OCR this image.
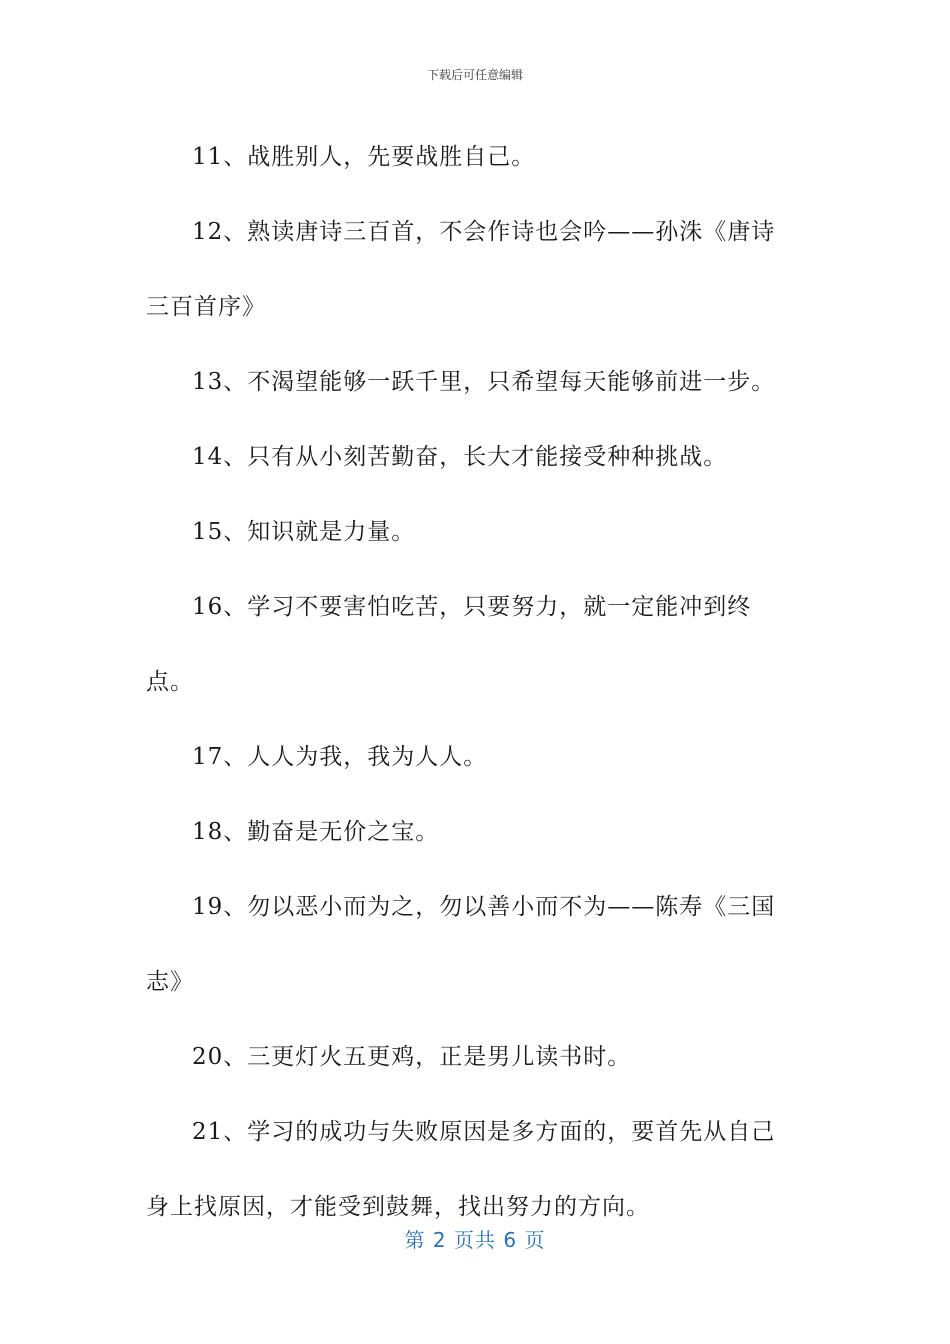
下载后可任意编辑

11、战胜别人，先要战胜自己。

12、熟读唐诗三百首，不会作诗也会吟——孙洙《唐诗三百首序》

13、不渴望能够一跃千里，只希望每天能够前进一步。

14、只有从小刻苦勤奋，长大才能接受种种挑战。

15、知识就是力量。

16、学习不要害怕吃苦，只要努力，就一定能冲到终点。

17、人人为我，我为人人。

18、勤奋是无价之宝。

19、勿以恶小而为之，勿以善小而不为——陈寿《三国志》

20、三更灯火五更鸡，正是男儿读书时。

21、学习的成功与失败原因是多方面的，要首先从自己身上找原因，才能受到鼓舞，找出努力的方向。

第 2 页共 6 页
